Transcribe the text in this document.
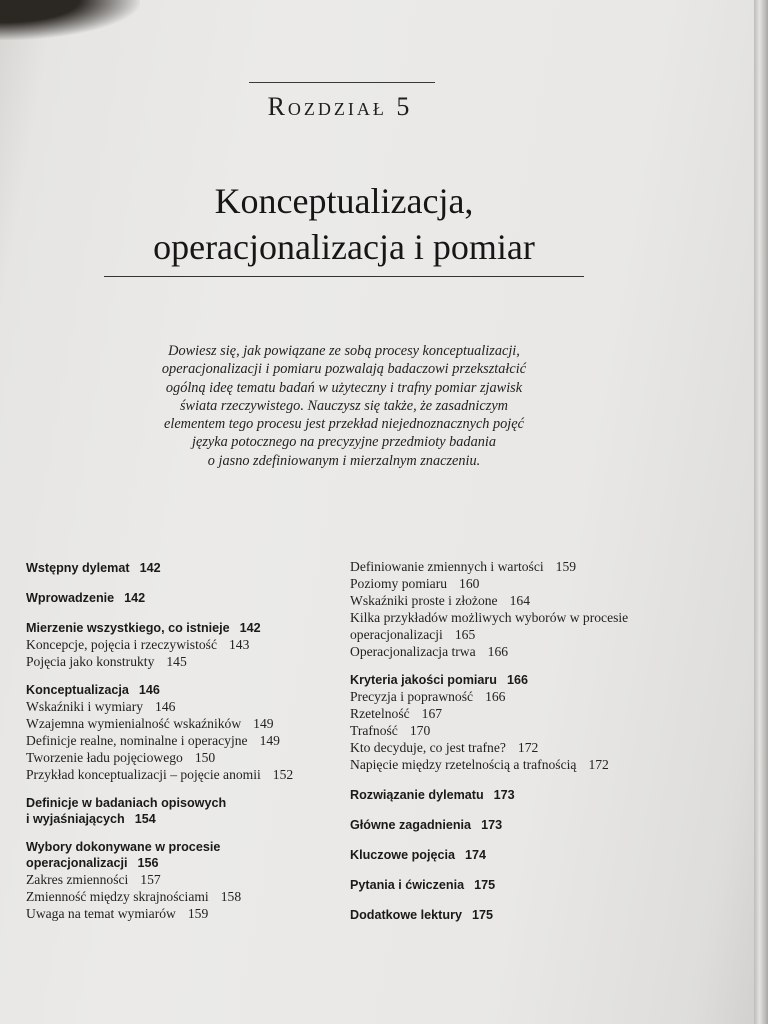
Rozdział 5
Konceptualizacja,
operacjonalizacja i pomiar
Dowiesz się, jak powiązane ze sobą procesy konceptualizacji,
operacjonalizacji i pomiaru pozwalają badaczowi przekształcić
ogólną ideę tematu badań w użyteczny i trafny pomiar zjawisk
świata rzeczywistego. Nauczysz się także, że zasadniczym
elementem tego procesu jest przekład niejednoznacznych pojęć
języka potocznego na precyzyjne przedmioty badania
o jasno zdefiniowanym i mierzalnym znaczeniu.
Wstępny dylemat 142
Wprowadzenie 142
Mierzenie wszystkiego, co istnieje 142
Koncepcje, pojęcia i rzeczywistość 143
Pojęcia jako konstrukty 145
Konceptualizacja 146
Wskaźniki i wymiary 146
Wzajemna wymienialność wskaźników 149
Definicje realne, nominalne i operacyjne 149
Tworzenie ładu pojęciowego 150
Przykład konceptualizacji – pojęcie anomii 152
Definicje w badaniach opisowych
i wyjaśniających 154
Wybory dokonywane w procesie
operacjonalizacji 156
Zakres zmienności 157
Zmienność między skrajnościami 158
Uwaga na temat wymiarów 159
Definiowanie zmiennych i wartości 159
Poziomy pomiaru 160
Wskaźniki proste i złożone 164
Kilka przykładów możliwych wyborów w procesie
operacjonalizacji 165
Operacjonalizacja trwa 166
Kryteria jakości pomiaru 166
Precyzja i poprawność 166
Rzetelność 167
Trafność 170
Kto decyduje, co jest trafne? 172
Napięcie między rzetelnością a trafnością 172
Rozwiązanie dylematu 173
Główne zagadnienia 173
Kluczowe pojęcia 174
Pytania i ćwiczenia 175
Dodatkowe lektury 175
